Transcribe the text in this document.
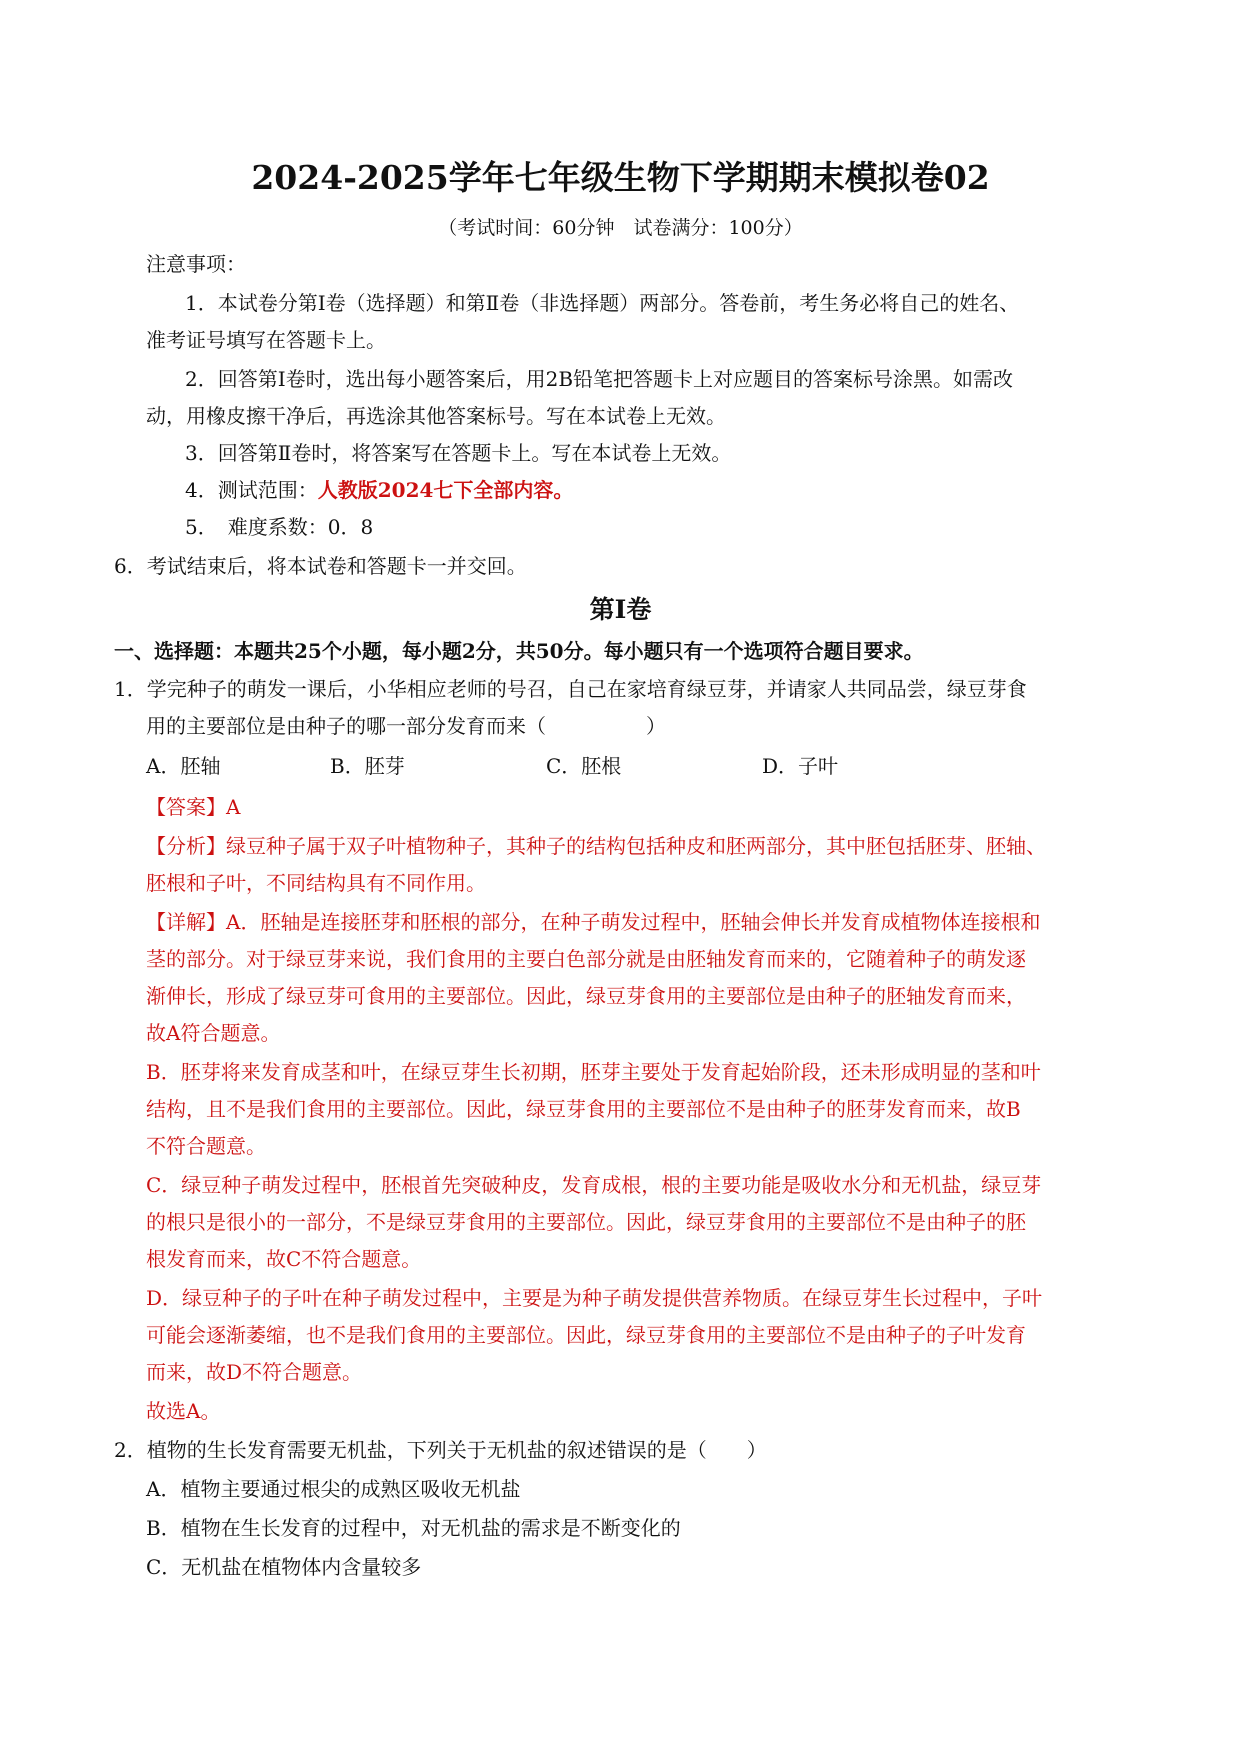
2024-2025学年七年级生物下学期期末模拟卷02
（考试时间：60分钟　试卷满分：100分）
注意事项：
1．本试卷分第Ⅰ卷（选择题）和第Ⅱ卷（非选择题）两部分。答卷前，考生务必将自己的姓名、
准考证号填写在答题卡上。
2．回答第Ⅰ卷时，选出每小题答案后，用2B铅笔把答题卡上对应题目的答案标号涂黑。如需改
动，用橡皮擦干净后，再选涂其他答案标号。写在本试卷上无效。
3．回答第Ⅱ卷时，将答案写在答题卡上。写在本试卷上无效。
4．测试范围：人教版2024七下全部内容。
5．　难度系数：0．8
6．考试结束后，将本试卷和答题卡一并交回。
第Ⅰ卷
一、选择题：本题共25个小题，每小题2分，共50分。每小题只有一个选项符合题目要求。
1．学完种子的萌发一课后，小华相应老师的号召，自己在家培育绿豆芽，并请家人共同品尝，绿豆芽食
用的主要部位是由种子的哪一部分发育而来（　　　　　）
A．胚轴	B．胚芽	C．胚根	D．子叶
【答案】A
【分析】绿豆种子属于双子叶植物种子，其种子的结构包括种皮和胚两部分，其中胚包括胚芽、胚轴、
胚根和子叶，不同结构具有不同作用。
【详解】A．胚轴是连接胚芽和胚根的部分，在种子萌发过程中，胚轴会伸长并发育成植物体连接根和
茎的部分。对于绿豆芽来说，我们食用的主要白色部分就是由胚轴发育而来的，它随着种子的萌发逐
渐伸长，形成了绿豆芽可食用的主要部位。因此，绿豆芽食用的主要部位是由种子的胚轴发育而来，
故A符合题意。
B．胚芽将来发育成茎和叶，在绿豆芽生长初期，胚芽主要处于发育起始阶段，还未形成明显的茎和叶
结构，且不是我们食用的主要部位。因此，绿豆芽食用的主要部位不是由种子的胚芽发育而来，故B
不符合题意。
C．绿豆种子萌发过程中，胚根首先突破种皮，发育成根，根的主要功能是吸收水分和无机盐，绿豆芽
的根只是很小的一部分，不是绿豆芽食用的主要部位。因此，绿豆芽食用的主要部位不是由种子的胚
根发育而来，故C不符合题意。
D．绿豆种子的子叶在种子萌发过程中，主要是为种子萌发提供营养物质。在绿豆芽生长过程中，子叶
可能会逐渐萎缩，也不是我们食用的主要部位。因此，绿豆芽食用的主要部位不是由种子的子叶发育
而来，故D不符合题意。
故选A。
2．植物的生长发育需要无机盐，下列关于无机盐的叙述错误的是（　　）
A．植物主要通过根尖的成熟区吸收无机盐
B．植物在生长发育的过程中，对无机盐的需求是不断变化的
C．无机盐在植物体内含量较多
